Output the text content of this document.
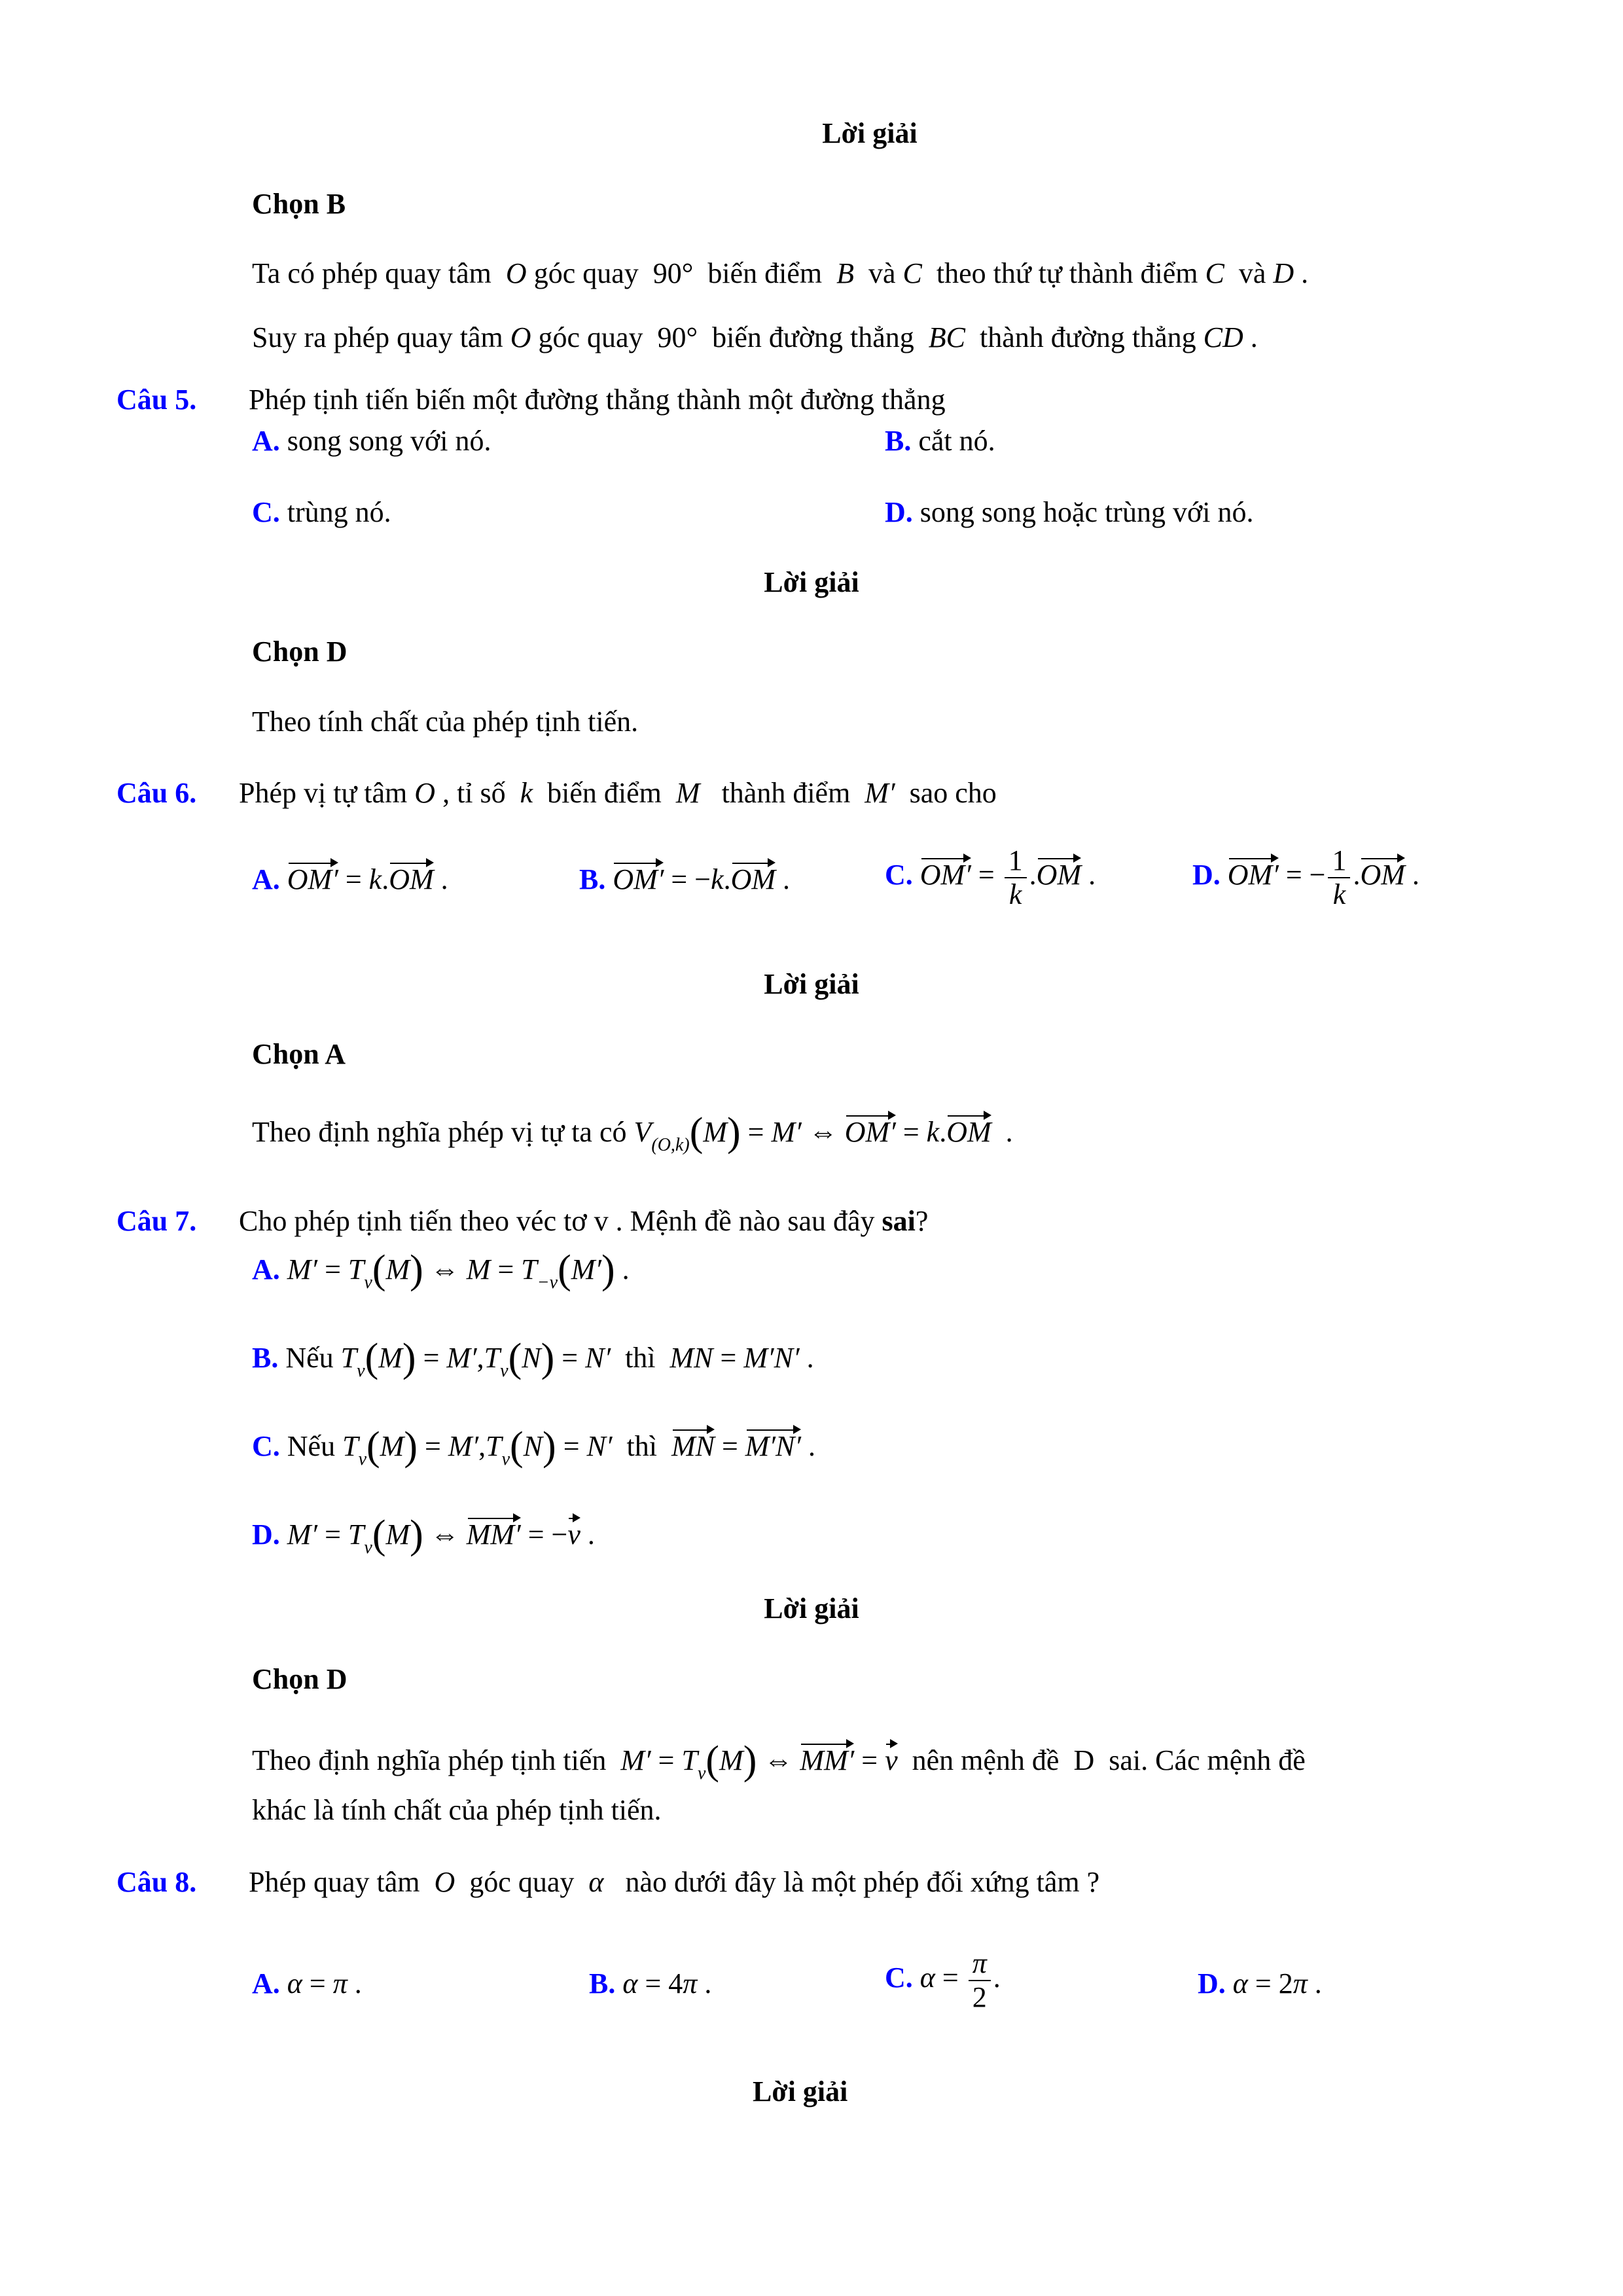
Lời giải
Chọn B
Ta có phép quay tâm  O góc quay  90°  biến điểm  B  và C  theo thứ tự thành điểm C  và D .
Suy ra phép quay tâm O góc quay  90°  biến đường thẳng  BC  thành đường thẳng CD .
Câu 5. Phép tịnh tiến biến một đường thẳng thành một đường thẳng
A. song song với nó.	B. cắt nó.
C. trùng nó.	D. song song hoặc trùng với nó.
Lời giải
Chọn D
Theo tính chất của phép tịnh tiến.
Câu 6. Phép vị tự tâm O , tỉ số  k  biến điểm  M   thành điểm  M′  sao cho
A. OM′ = k.OM .	B. OM′ = −k.OM .	C. $OM' = \frac{1}{k} .OM$ .	D. OM′ = − $\frac{1}{k} .OM$ .
Lời giải
Chọn A
Theo định nghĩa phép vị tự ta có $V_{(O,k)}(M) = M'$ ⇔ OM′ = k.OM  .
Câu 7. Cho phép tịnh tiến theo véc tơ v . Mệnh đề nào sau đây sai?
A. $M' = T_v(M)$ ⇔ $M = T_{-v}(M')$ .
B. Nếu $T_v(M) = M',T_v(N) = N'$  thì  MN = M′N′ .
C. Nếu $T_v(M) = M',T_v(N) = N'$  thì  MN = M′N′ .
D. $M' = T_v(M)$ ⇔ MM′ = −v .
Lời giải
Chọn D
Theo định nghĩa phép tịnh tiến  $M' = T_v(M)$ ⇔ MM′ = v  nên mệnh đề  D  sai. Các mệnh đề
khác là tính chất của phép tịnh tiến.
Câu 8. Phép quay tâm  O  góc quay  α   nào dưới đây là một phép đối xứng tâm ?
A. α = π .	B. α = 4π .	C. $\alpha = \frac{\pi}{2}$ .	D. α = 2π .
Lời giải
